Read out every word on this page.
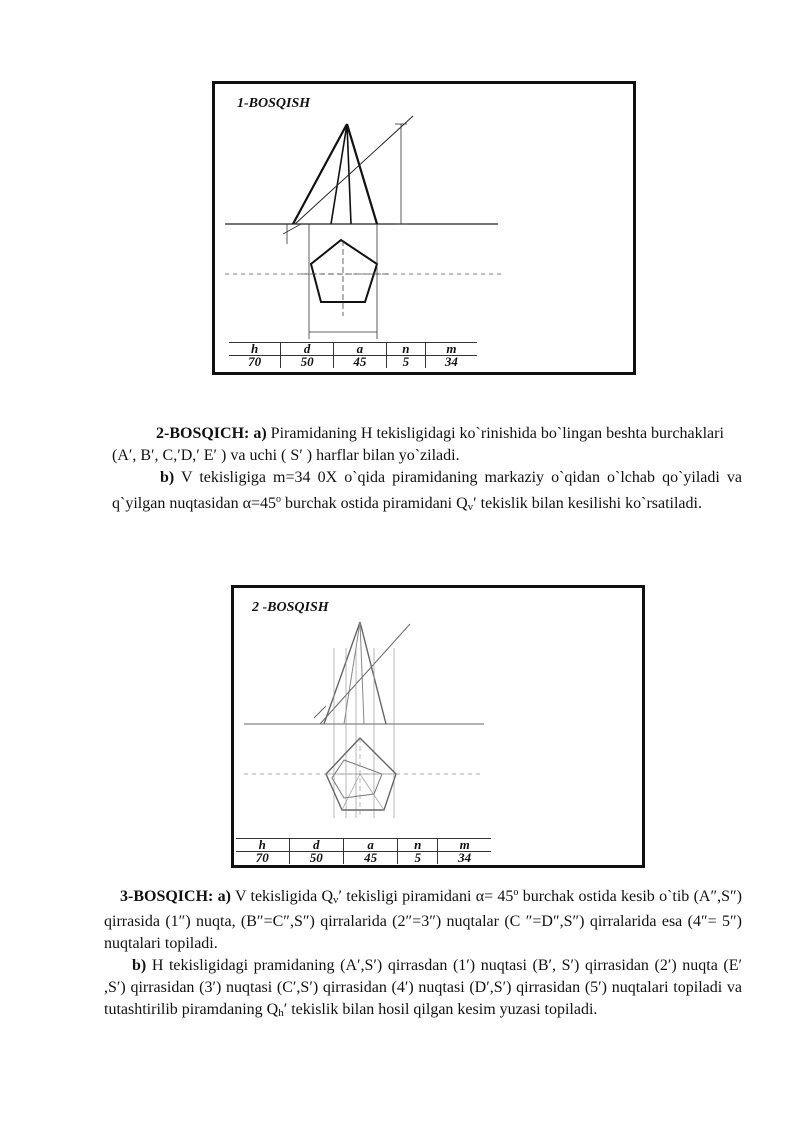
1-BOSQISH
h	d	a	n	m
70	50	45	5	34

2-BOSQICH: a) Piramidaning H tekisligidagi ko`rinishida bo`lingan beshta burchaklari

(A′, B′, C,′D,′ E′ ) va uchi ( S′ ) harflar bilan yo`ziladi.

b) V tekisligiga m=34 0X o`qida piramidaning markaziy o`qidan o`lchab qo`yiladi va q`yilgan nuqtasidan $\alpha=45^o$ burchak ostida piramidani Qv′ tekislik bilan kesilishi ko`rsatiladi.

2 -BOSQISH
h	d	a	n	m
70	50	45	5	34

3-BOSQICH: a) V tekisligida Qv′ tekisligi piramidani $\alpha= 45^o$ burchak ostida kesib o`tib (A″,S″) qirrasida (1″) nuqta, (B″=C″,S″) qirralarida (2″=3″) nuqtalar (C ″=D″,S″) qirralarida esa (4″= 5″) nuqtalari topiladi.

b) H tekisligidagi pramidaning (A′,S′) qirrasdan (1′) nuqtasi (B′, S′) qirrasidan (2′) nuqta (E′ ,S′) qirrasidan (3′) nuqtasi (C′,S′) qirrasidan (4′) nuqtasi (D′,S′) qirrasidan (5′) nuqtalari topiladi va tutashtirilib piramdaning Qh′ tekislik bilan hosil qilgan kesim yuzasi topiladi.
